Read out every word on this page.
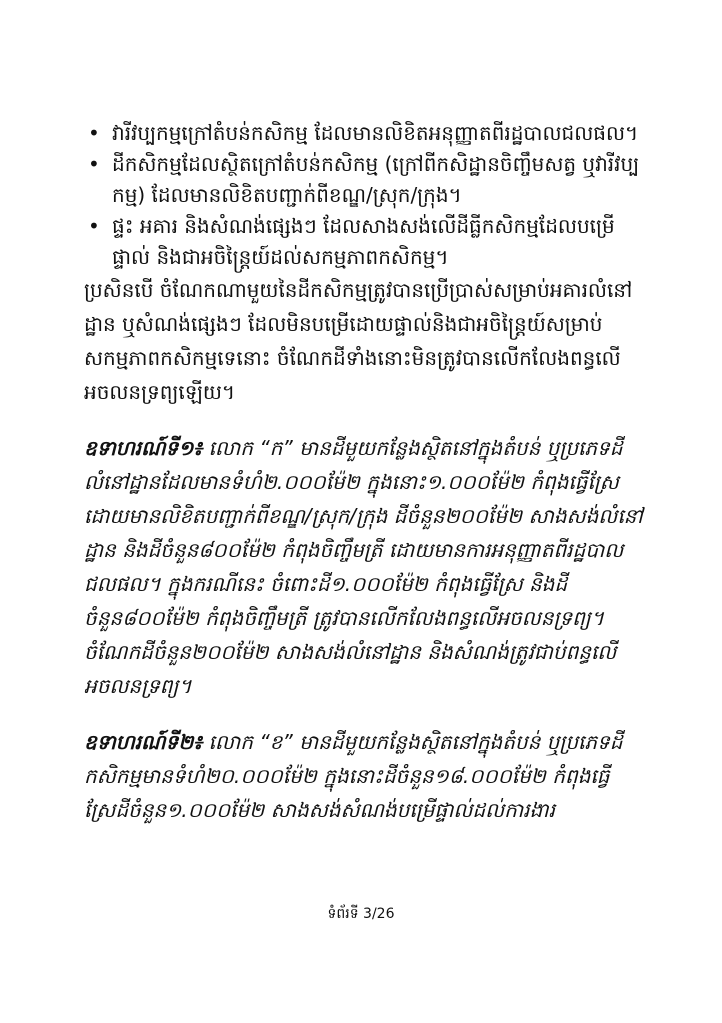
• វារីវប្បកម្មក្រៅតំបន់កសិកម្ម ដែលមានលិខិតអនុញ្ញាតពីរដ្ឋបាលជលផល។
• ដីកសិកម្មដែលស្ថិតក្រៅតំបន់កសិកម្ម (ក្រៅពីកសិដ្ឋានចិញ្ចឹមសត្វ ឬវារីវប្បកម្ម) ដែលមានលិខិតបញ្ជាក់ពីខណ្ឌ/ស្រុក/ក្រុង។
• ផ្ទះ អគារ និងសំណង់ផ្សេងៗ ដែលសាងសង់លើដីធ្លីកសិកម្មដែលបម្រើផ្ទាល់ និងជាអចិន្ត្រៃយ៍ដល់សកម្មភាពកសិកម្ម។

ប្រសិនបើ ចំណែកណាមួយនៃដីកសិកម្មត្រូវបានប្រើប្រាស់សម្រាប់អគារលំនៅដ្ឋាន ឬសំណង់ផ្សេងៗ ដែលមិនបម្រើដោយផ្ទាល់និងជាអចិន្ត្រៃយ៍សម្រាប់សកម្មភាពកសិកម្មទេនោះ ចំណែកដីទាំងនោះមិនត្រូវបានលើកលែងពន្ធលើអចលនទ្រព្យឡើយ។

ឧទាហរណ៍ទី១៖ លោក “ក” មានដីមួយកន្លែងស្ថិតនៅក្នុងតំបន់ ឬប្រភេទដីលំនៅដ្ឋានដែលមានទំហំ២.០០០ម៉ែ២ ក្នុងនោះ១.០០០ម៉ែ២ កំពុងធ្វើស្រែ ដោយមានលិខិតបញ្ជាក់ពីខណ្ឌ/ស្រុក/ក្រុង ដីចំនួន២០០ម៉ែ២ សាងសង់លំនៅដ្ឋាន និងដីចំនួន៨០០ម៉ែ២ កំពុងចិញ្ចឹមត្រី ដោយមានការអនុញ្ញាតពីរដ្ឋបាលជលផល។ ក្នុងករណីនេះ ចំពោះដី១.០០០ម៉ែ២ កំពុងធ្វើស្រែ និងដីចំនួន៨០០ម៉ែ២ កំពុងចិញ្ចឹមត្រី ត្រូវបានលើកលែងពន្ធលើអចលនទ្រព្យ។ ចំណែកដីចំនួន២០០ម៉ែ២ សាងសង់លំនៅដ្ឋាន និងសំណង់ត្រូវជាប់ពន្ធលើអចលនទ្រព្យ។

ឧទាហរណ៍ទី២៖ លោក “ខ” មានដីមួយកន្លែងស្ថិតនៅក្នុងតំបន់ ឬប្រភេទដីកសិកម្មមានទំហំ២០.០០០ម៉ែ២ ក្នុងនោះដីចំនួន១៨.០០០ម៉ែ២ កំពុងធ្វើស្រែដីចំនួន១.០០០ម៉ែ២ សាងសង់សំណង់បម្រើផ្ទាល់ដល់ការងារ

ទំព័រទី 3/26
